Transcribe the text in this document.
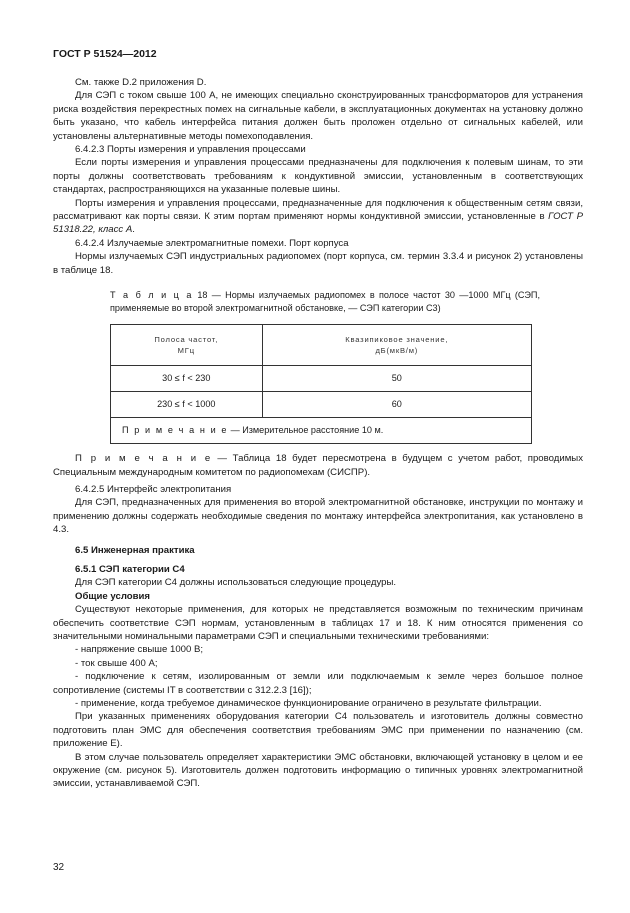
ГОСТ Р 51524—2012

См. также D.2 приложения D.

Для СЭП с током свыше 100 А, не имеющих специально сконструированных трансформаторов для устранения риска воздействия перекрестных помех на сигнальные кабели, в эксплуатационных документах на установку должно быть указано, что кабель интерфейса питания должен быть проложен отдельно от сигнальных кабелей, или установлены альтернативные методы помехоподавления.

6.4.2.3 Порты измерения и управления процессами

Если порты измерения и управления процессами предназначены для подключения к полевым шинам, то эти порты должны соответствовать требованиям к кондуктивной эмиссии, установленным в соответствующих стандартах, распространяющихся на указанные полевые шины.

Порты измерения и управления процессами, предназначенные для подключения к общественным сетям связи, рассматривают как порты связи. К этим портам применяют нормы кондуктивной эмиссии, установленные в ГОСТ Р 51318.22, класс А.

6.4.2.4 Излучаемые электромагнитные помехи. Порт корпуса

Нормы излучаемых СЭП индустриальных радиопомех (порт корпуса, см. термин 3.3.4 и рисунок 2) установлены в таблице 18.

Т а б л и ц а 18 — Нормы излучаемых радиопомех в полосе частот 30 —1000 МГц (СЭП, применяемые во второй электромагнитной обстановке, — СЭП категории С3)

Полоса частот,
МГц	Квазипиковое значение,
дБ(мкВ/м)
30 ≤ f < 230	50
230 ≤ f < 1000	60
П р и м е ч а н и е — Измерительное расстояние 10 м.	

П р и м е ч а н и е — Таблица 18 будет пересмотрена в будущем с учетом работ, проводимых Специальным международным комитетом по радиопомехам (СИСПР).

6.4.2.5 Интерфейс электропитания

Для СЭП, предназначенных для применения во второй электромагнитной обстановке, инструкции по монтажу и применению должны содержать необходимые сведения по монтажу интерфейса электропитания, как установлено в 4.3.

6.5 Инженерная практика

6.5.1 СЭП категории С4

Для СЭП категории С4 должны использоваться следующие процедуры.

Общие условия

Существуют некоторые применения, для которых не представляется возможным по техническим причинам обеспечить соответствие СЭП нормам, установленным в таблицах 17 и 18. К ним относятся применения со значительными номинальными параметрами СЭП и специальными техническими требованиями:

- напряжение свыше 1000 В;

- ток свыше 400 А;

- подключение к сетям, изолированным от земли или подключаемым к земле через большое полное сопротивление (системы IT в соответствии с 312.2.3 [16]);

- применение, когда требуемое динамическое функционирование ограничено в результате фильтрации.

При указанных применениях оборудования категории С4 пользователь и изготовитель должны совместно подготовить план ЭМС для обеспечения соответствия требованиям ЭМС при применении по назначению (см. приложение Е).

В этом случае пользователь определяет характеристики ЭМС обстановки, включающей установку в целом и ее окружение (см. рисунок 5). Изготовитель должен подготовить информацию о типичных уровнях электромагнитной эмиссии, устанавливаемой СЭП.

32
